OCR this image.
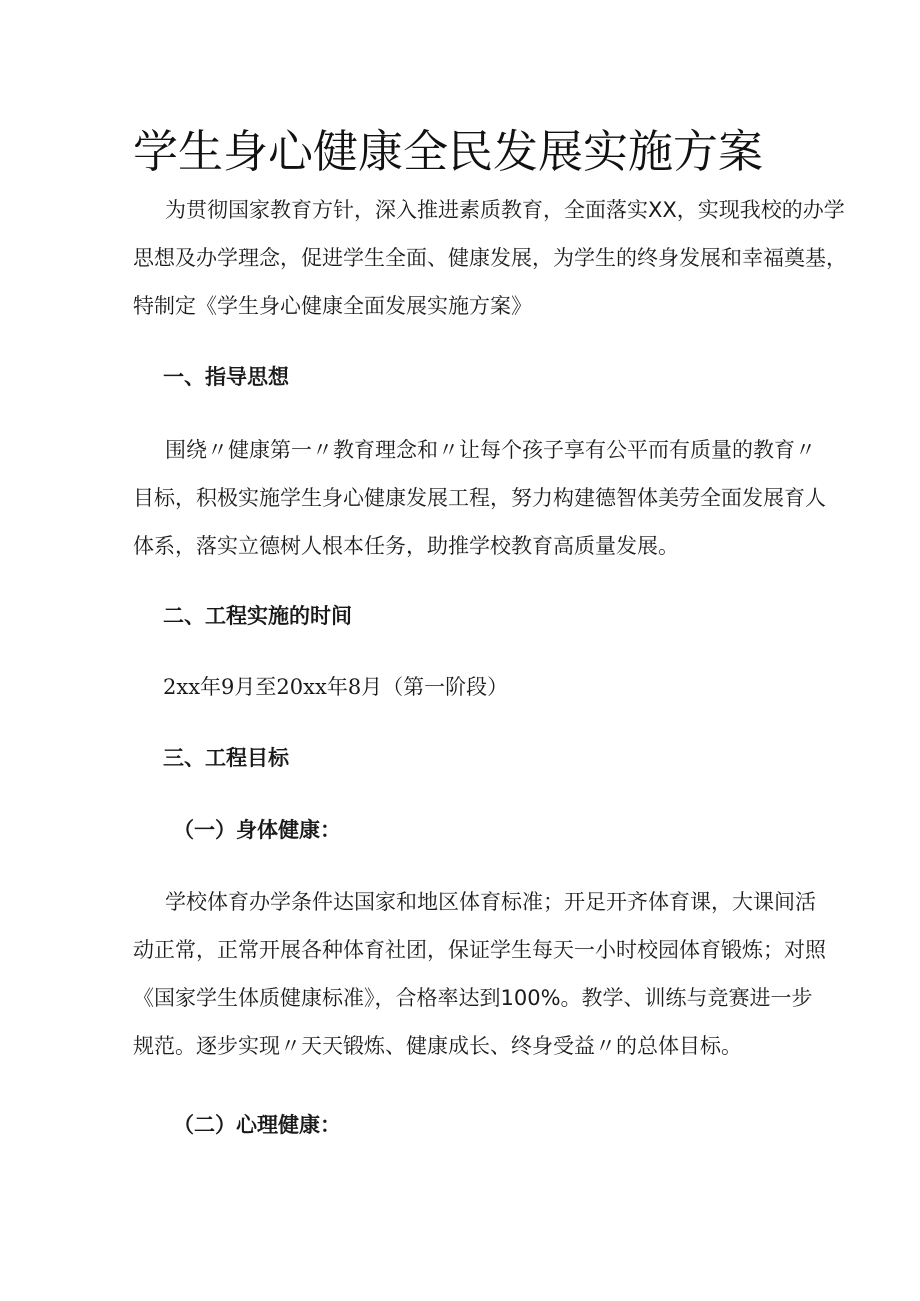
学生身心健康全民发展实施方案
为贯彻国家教育方针，深入推进素质教育，全面落实XX，实现我校的办学
思想及办学理念，促进学生全面、健康发展，为学生的终身发展和幸福奠基，
特制定《学生身心健康全面发展实施方案》
一、指导思想
围绕〃健康第一〃教育理念和〃让每个孩子享有公平而有质量的教育〃
目标，积极实施学生身心健康发展工程，努力构建德智体美劳全面发展育人
体系，落实立德树人根本任务，助推学校教育高质量发展。
二、工程实施的时间

2xx年9月至20xx年8月（第一阶段）

三、工程目标
（一）身体健康：
学校体育办学条件达国家和地区体育标准；开足开齐体育课，大课间活
动正常，正常开展各种体育社团，保证学生每天一小时校园体育锻炼；对照
《国家学生体质健康标准》，合格率达到100%。教学、训练与竞赛进一步
规范。逐步实现〃天天锻炼、健康成长、终身受益〃的总体目标。
（二）心理健康：
